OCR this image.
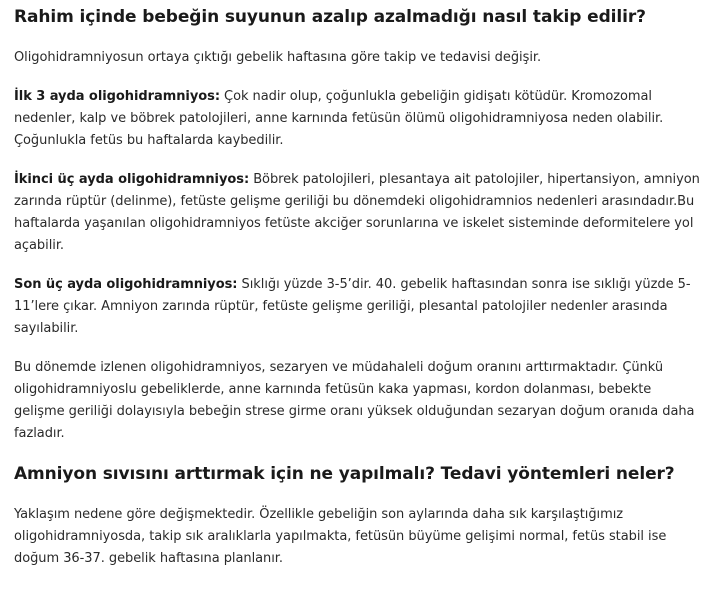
Rahim içinde bebeğin suyunun azalıp azalmadığı nasıl takip edilir?

Oligohidramniyosun ortaya çıktığı gebelik haftasına göre takip ve tedavisi değişir.

İlk 3 ayda oligohidramniyos: Çok nadir olup, çoğunlukla gebeliğin gidişatı kötüdür. Kromozomal nedenler, kalp ve böbrek patolojileri, anne karnında fetüsün ölümü oligohidramniyosa neden olabilir. Çoğunlukla fetüs bu haftalarda kaybedilir.

İkinci üç ayda oligohidramniyos: Böbrek patolojileri, plesantaya ait patolojiler, hipertansiyon, amniyon zarında rüptür (delinme), fetüste gelişme geriliği bu dönemdeki oligohidramnios nedenleri arasındadır.Bu haftalarda yaşanılan oligohidramniyos fetüste akciğer sorunlarına ve iskelet sisteminde deformitelere yol açabilir.

Son üç ayda oligohidramniyos: Sıklığı yüzde 3-5’dir. 40. gebelik haftasından sonra ise sıklığı yüzde 5-11’lere çıkar. Amniyon zarında rüptür, fetüste gelişme geriliği, plesantal patolojiler nedenler arasında sayılabilir.

Bu dönemde izlenen oligohidramniyos, sezaryen ve müdahaleli doğum oranını arttırmaktadır. Çünkü oligohidramniyoslu gebeliklerde, anne karnında fetüsün kaka yapması, kordon dolanması, bebekte gelişme geriliği dolayısıyla bebeğin strese girme oranı yüksek olduğundan sezaryan doğum oranıda daha fazladır.

Amniyon sıvısını arttırmak için ne yapılmalı? Tedavi yöntemleri neler?

Yaklaşım nedene göre değişmektedir. Özellikle gebeliğin son aylarında daha sık karşılaştığımız oligohidramniyosda, takip sık aralıklarla yapılmakta, fetüsün büyüme gelişimi normal, fetüs stabil ise doğum 36-37. gebelik haftasına planlanır.
